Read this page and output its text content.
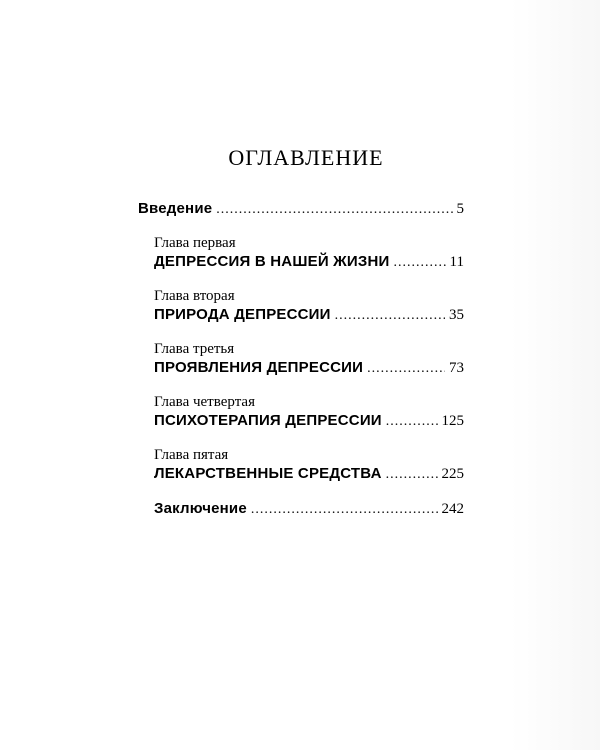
ОГЛАВЛЕНИЕ
Введение .....	5
Глава первая
ДЕПРЕССИЯ В НАШЕЙ ЖИЗНИ .....	11
Глава вторая
ПРИРОДА ДЕПРЕССИИ .....	35
Глава третья
ПРОЯВЛЕНИЯ ДЕПРЕССИИ .....	73
Глава четвертая
ПСИХОТЕРАПИЯ ДЕПРЕССИИ .....	125
Глава пятая
ЛЕКАРСТВЕННЫЕ СРЕДСТВА .....	225
Заключение .....	242
